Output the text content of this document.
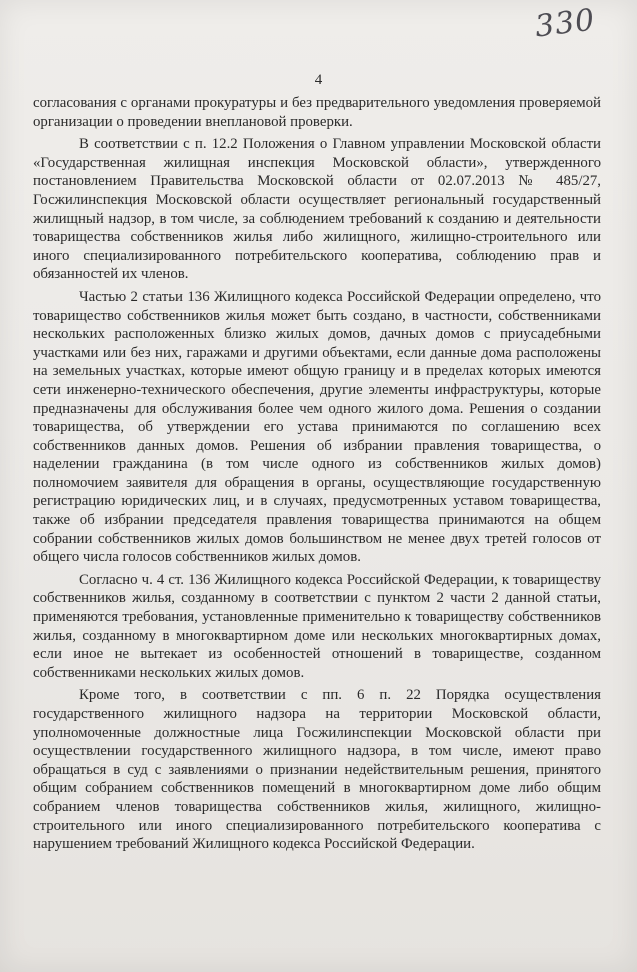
330
4

согласования с органами прокуратуры и без предварительного уведомления проверяемой организации о проведении внеплановой проверки.

В соответствии с п. 12.2 Положения о Главном управлении Московской области «Государственная жилищная инспекция Московской области», утвержденного постановлением Правительства Московской области от 02.07.2013 № 485/27, Госжилинспекция Московской области осуществляет региональный государственный жилищный надзор, в том числе, за соблюдением требований к созданию и деятельности товарищества собственников жилья либо жилищного, жилищно-строительного или иного специализированного потребительского кооператива, соблюдению прав и обязанностей их членов.

Частью 2 статьи 136 Жилищного кодекса Российской Федерации определено, что товарищество собственников жилья может быть создано, в частности, собственниками нескольких расположенных близко жилых домов, дачных домов с приусадебными участками или без них, гаражами и другими объектами, если данные дома расположены на земельных участках, которые имеют общую границу и в пределах которых имеются сети инженерно-технического обеспечения, другие элементы инфраструктуры, которые предназначены для обслуживания более чем одного жилого дома. Решения о создании товарищества, об утверждении его устава принимаются по соглашению всех собственников данных домов. Решения об избрании правления товарищества, о наделении гражданина (в том числе одного из собственников жилых домов) полномочием заявителя для обращения в органы, осуществляющие государственную регистрацию юридических лиц, и в случаях, предусмотренных уставом товарищества, также об избрании председателя правления товарищества принимаются на общем собрании собственников жилых домов большинством не менее двух третей голосов от общего числа голосов собственников жилых домов.

Согласно ч. 4 ст. 136 Жилищного кодекса Российской Федерации, к товариществу собственников жилья, созданному в соответствии с пунктом 2 части 2 данной статьи, применяются требования, установленные применительно к товариществу собственников жилья, созданному в многоквартирном доме или нескольких многоквартирных домах, если иное не вытекает из особенностей отношений в товариществе, созданном собственниками нескольких жилых домов.

Кроме того, в соответствии с пп. 6 п. 22 Порядка осуществления государственного жилищного надзора на территории Московской области, уполномоченные должностные лица Госжилинспекции Московской области при осуществлении государственного жилищного надзора, в том числе, имеют право обращаться в суд с заявлениями о признании недействительным решения, принятого общим собранием собственников помещений в многоквартирном доме либо общим собранием членов товарищества собственников жилья, жилищного, жилищно-строительного или иного специализированного потребительского кооператива с нарушением требований Жилищного кодекса Российской Федерации.
